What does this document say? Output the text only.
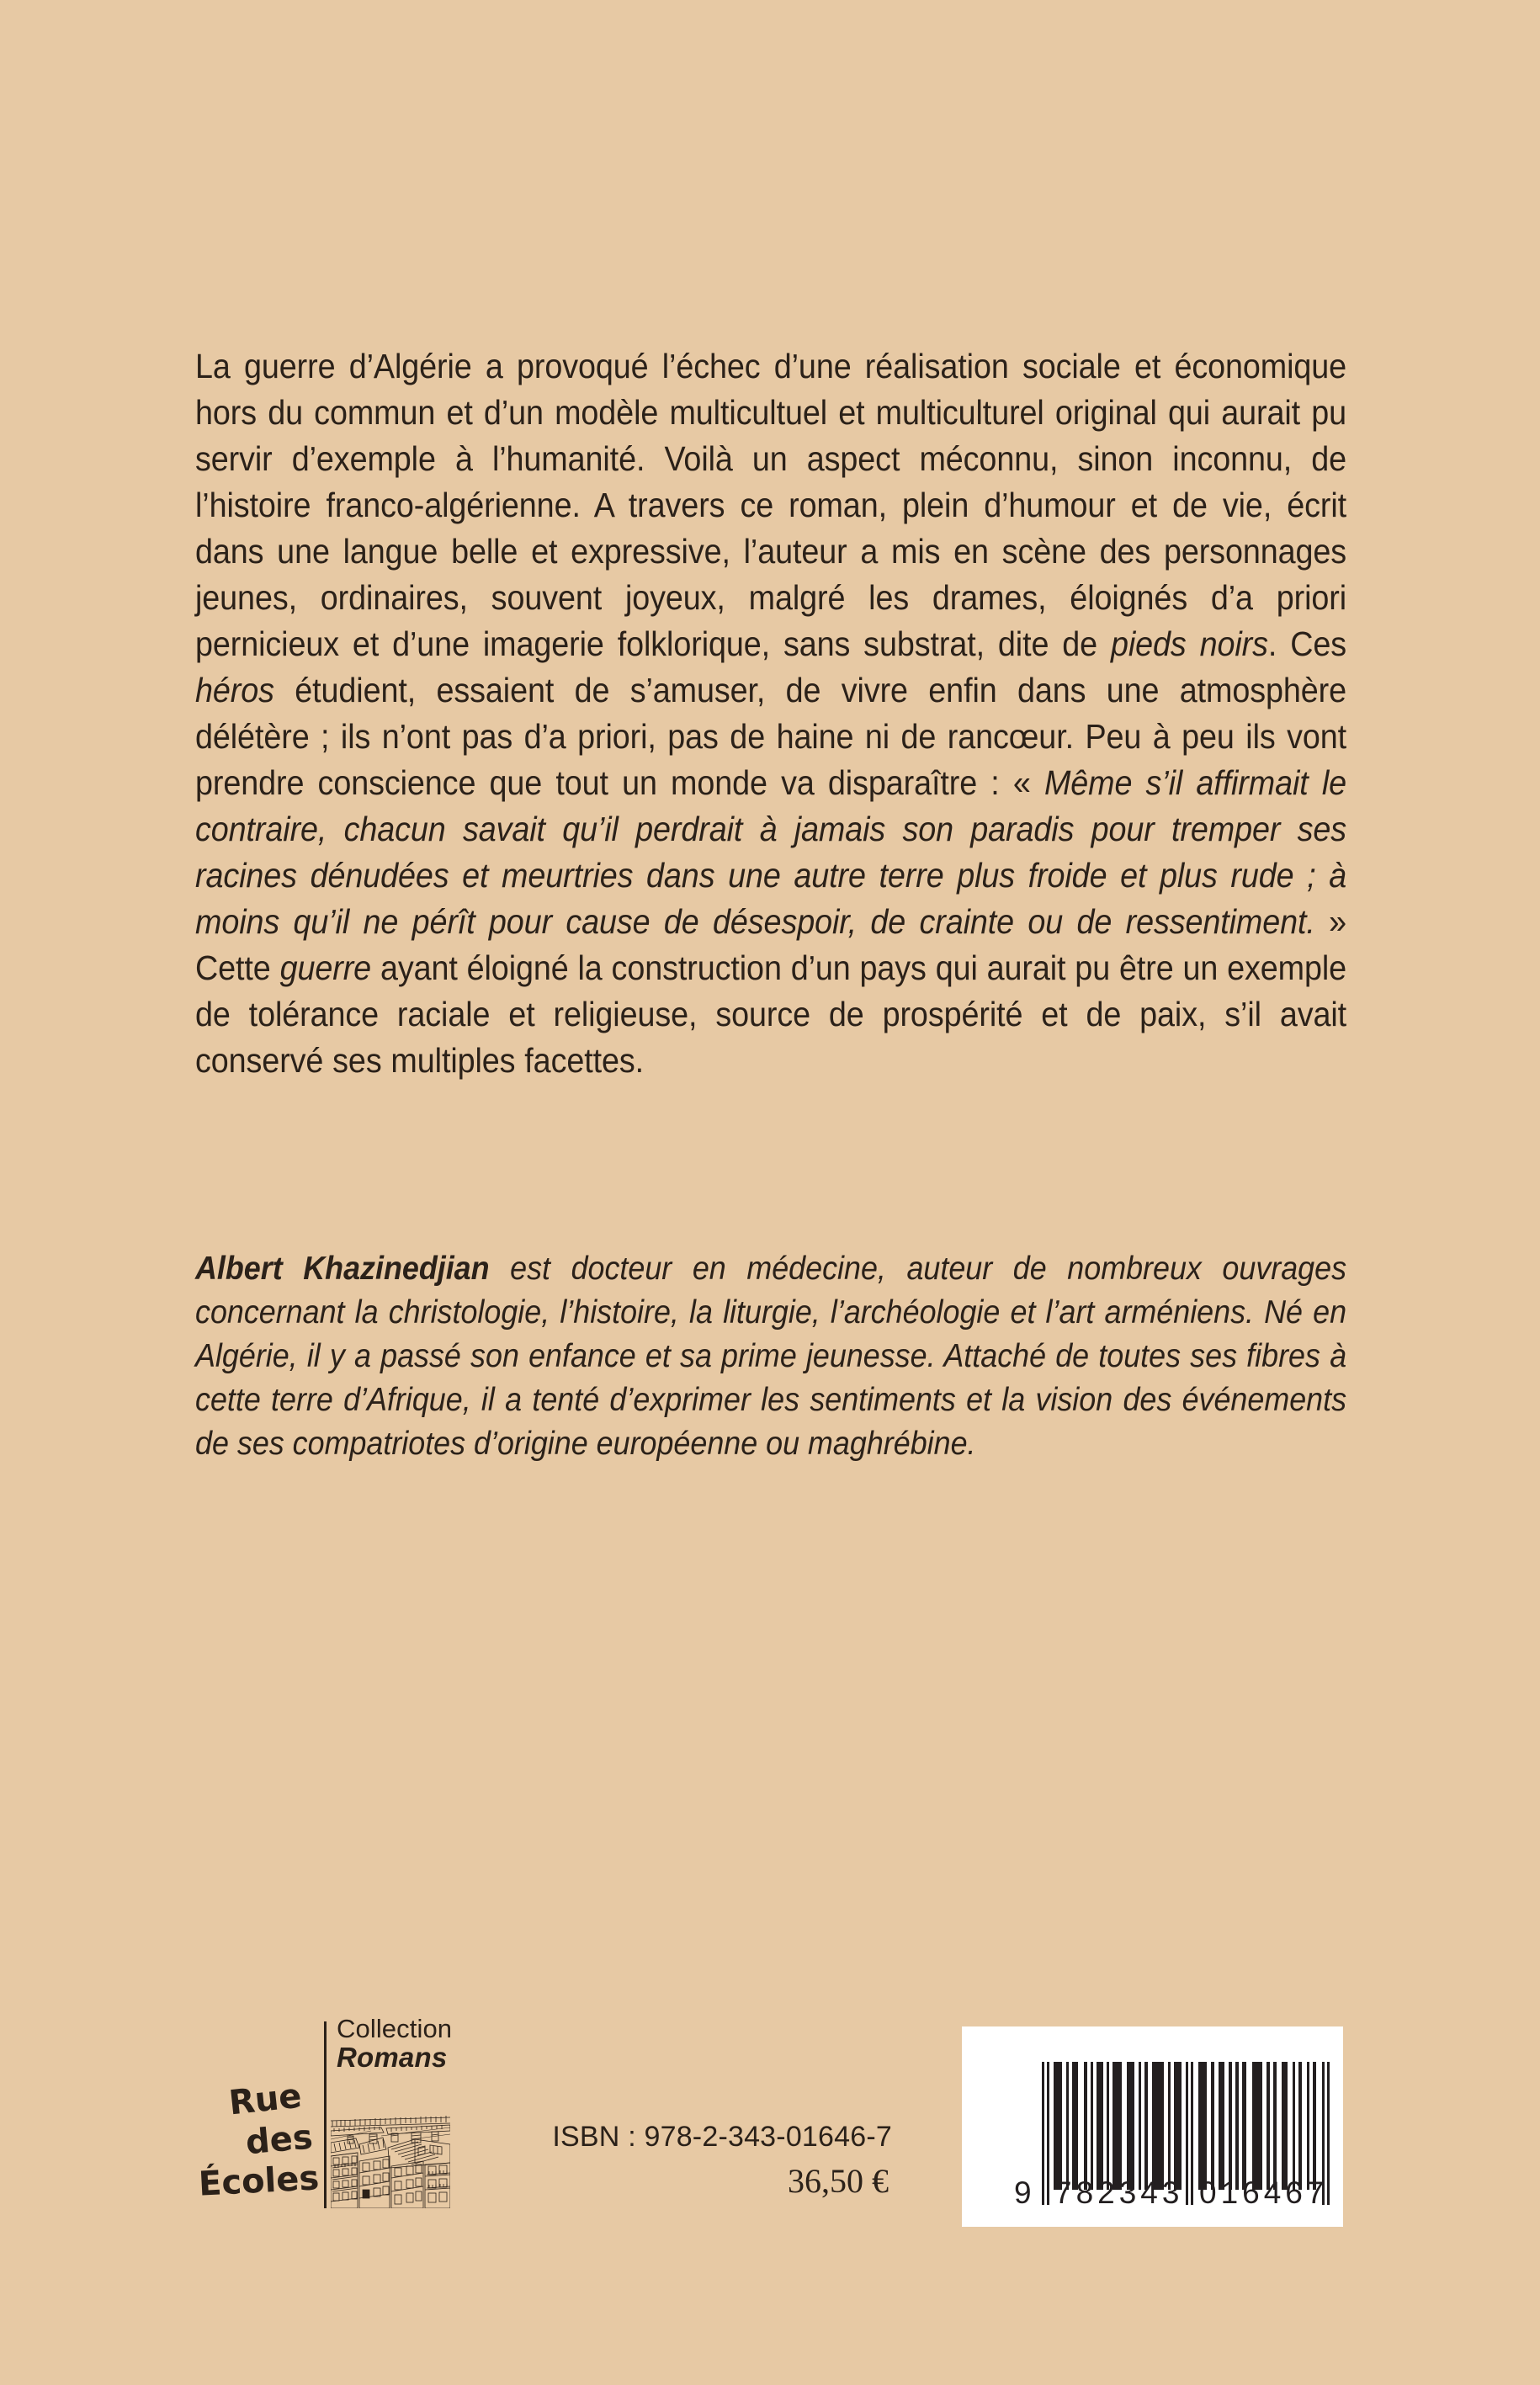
La guerre d’Algérie a provoqué l’échec d’une réalisation sociale et économique hors du commun et d’un modèle multicultuel et multiculturel original qui aurait pu servir d’exemple à l’humanité. Voilà un aspect méconnu, sinon inconnu, de l’histoire franco-algérienne. A travers ce roman, plein d’humour et de vie, écrit dans une langue belle et expressive, l’auteur a mis en scène des personnages jeunes, ordinaires, souvent joyeux, malgré les drames, éloignés d’a priori pernicieux et d’une imagerie folklorique, sans substrat, dite de pieds noirs. Ces héros étudient, essaient de s’amuser, de vivre enfin dans une atmosphère délétère ; ils n’ont pas d’a priori, pas de haine ni de rancœur. Peu à peu ils vont prendre conscience que tout un monde va disparaître : « Même s’il affirmait le contraire, chacun savait qu’il perdrait à jamais son paradis pour tremper ses racines dénudées et meurtries dans une autre terre plus froide et plus rude ; à moins qu’il ne pérît pour cause de désespoir, de crainte ou de ressentiment. » Cette guerre ayant éloigné la construction d’un pays qui aurait pu être un exemple de tolérance raciale et religieuse, source de prospérité et de paix, s’il avait conservé ses multiples facettes.

Albert Khazinedjian est docteur en médecine, auteur de nombreux ouvrages concernant la christologie, l’histoire, la liturgie, l’archéologie et l’art arméniens. Né en Algérie, il y a passé son enfance et sa prime jeunesse. Attaché de toutes ses fibres à cette terre d’Afrique, il a tenté d’exprimer les sentiments et la vision des événements de ses compatriotes d’origine européenne ou maghrébine.

Collection
Romans
Rue
des
Écoles
ISBN : 978-2-343-01646-7
36,50 €	9 782343 016467
